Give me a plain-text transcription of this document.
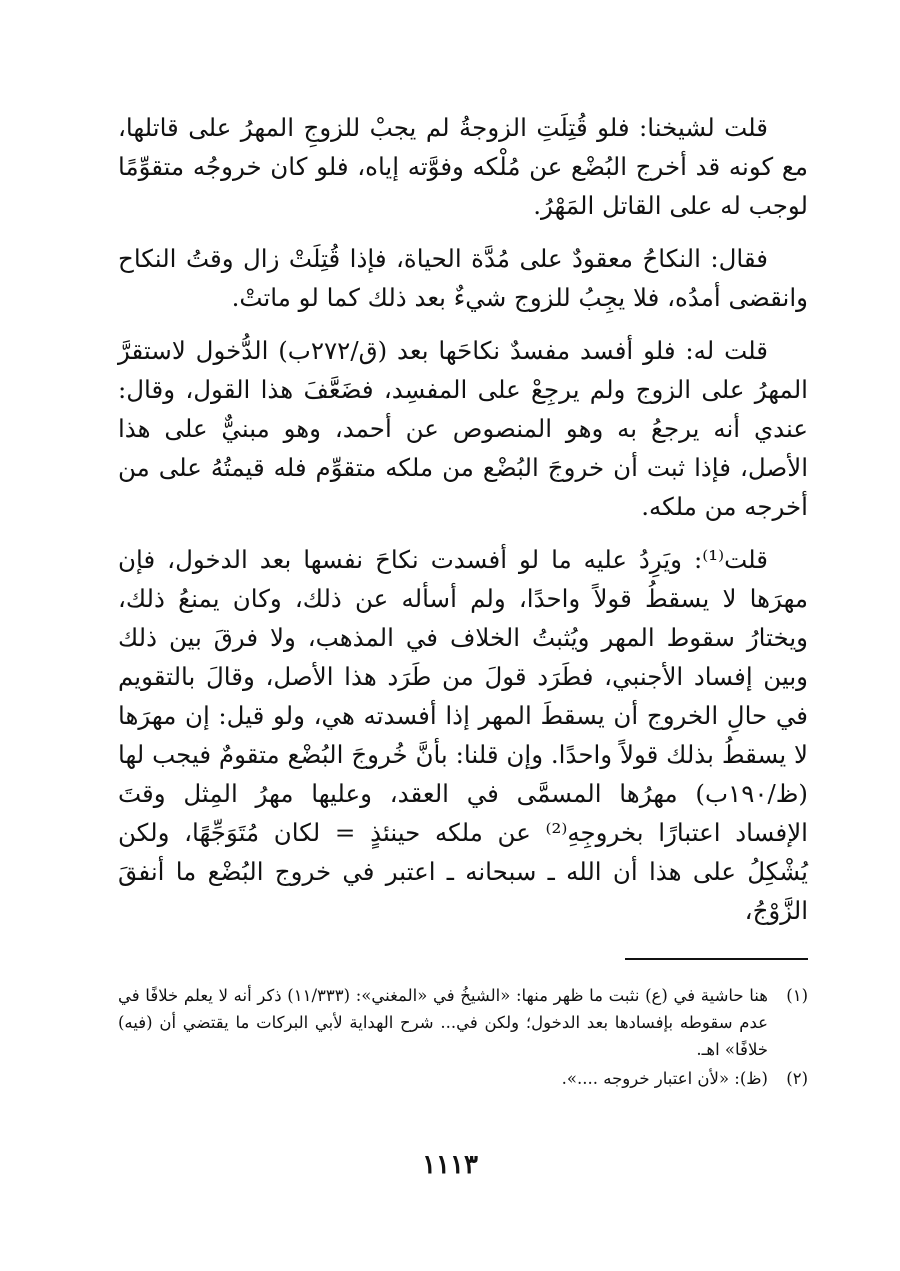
قلت لشيخنا: فلو قُتِلَتِ الزوجةُ لم يجبْ للزوجِ المهرُ على قاتلها، مع كونه قد أخرج البُضْع عن مُلْكه وفوَّته إياه، فلو كان خروجُه متقوِّمًا لوجب له على القاتل المَهْرُ.

فقال: النكاحُ معقودٌ على مُدَّة الحياة، فإذا قُتِلَتْ زال وقتُ النكاح وانقضى أمدُه، فلا يجِبُ للزوج شيءٌ بعد ذلك كما لو ماتتْ.

قلت له: فلو أفسد مفسدٌ نكاحَها بعد (ق/٢٧٢ب) الدُّخول لاستقرَّ المهرُ على الزوج ولم يرجِعْ على المفسِد، فضَعَّفَ هذا القول، وقال: عندي أنه يرجعُ به وهو المنصوص عن أحمد، وهو مبنيٌّ على هذا الأصل، فإذا ثبت أن خروجَ البُضْع من ملكه متقوِّم فله قيمتُهُ على من أخرجه من ملكه.

قلت⁽¹⁾: ويَرِدُ عليه ما لو أفسدت نكاحَ نفسها بعد الدخول، فإن مهرَها لا يسقطُ قولاً واحدًا، ولم أسأله عن ذلك، وكان يمنعُ ذلك، ويختارُ سقوط المهر ويُثبتُ الخلاف في المذهب، ولا فرقَ بين ذلك وبين إفساد الأجنبي، فطَرَد قولَ من طَرَد هذا الأصل، وقالَ بالتقويم في حالِ الخروج أن يسقطَ المهر إذا أفسدته هي، ولو قيل: إن مهرَها لا يسقطُ بذلك قولاً واحدًا. وإن قلنا: بأنَّ خُروجَ البُضْع متقومٌ فيجب لها (ظ/١٩٠ب) مهرُها المسمَّى في العقد، وعليها مهرُ المِثل وقتَ الإفساد اعتبارًا بخروجِهِ⁽²⁾ عن ملكه حينئذٍ = لكان مُتَوَجِّهًا، ولكن يُشْكِلُ على هذا أن الله ـ سبحانه ـ اعتبر في خروج البُضْع ما أنفقَ الزَّوْجُ،

(١)
هنا حاشية في (ع) نثبت ما ظهر منها: «الشيخُ في «المغني»: (١١/٣٣٣) ذكر أنه لا يعلم خلافًا في عدم سقوطه بإفسادها بعد الدخول؛ ولكن في... شرح الهداية لأبي البركات ما يقتضي أن (فيه) خلافًا» اهـ.

(٢)
(ظ): «لأن اعتبار خروجه ....».

١١١٣
